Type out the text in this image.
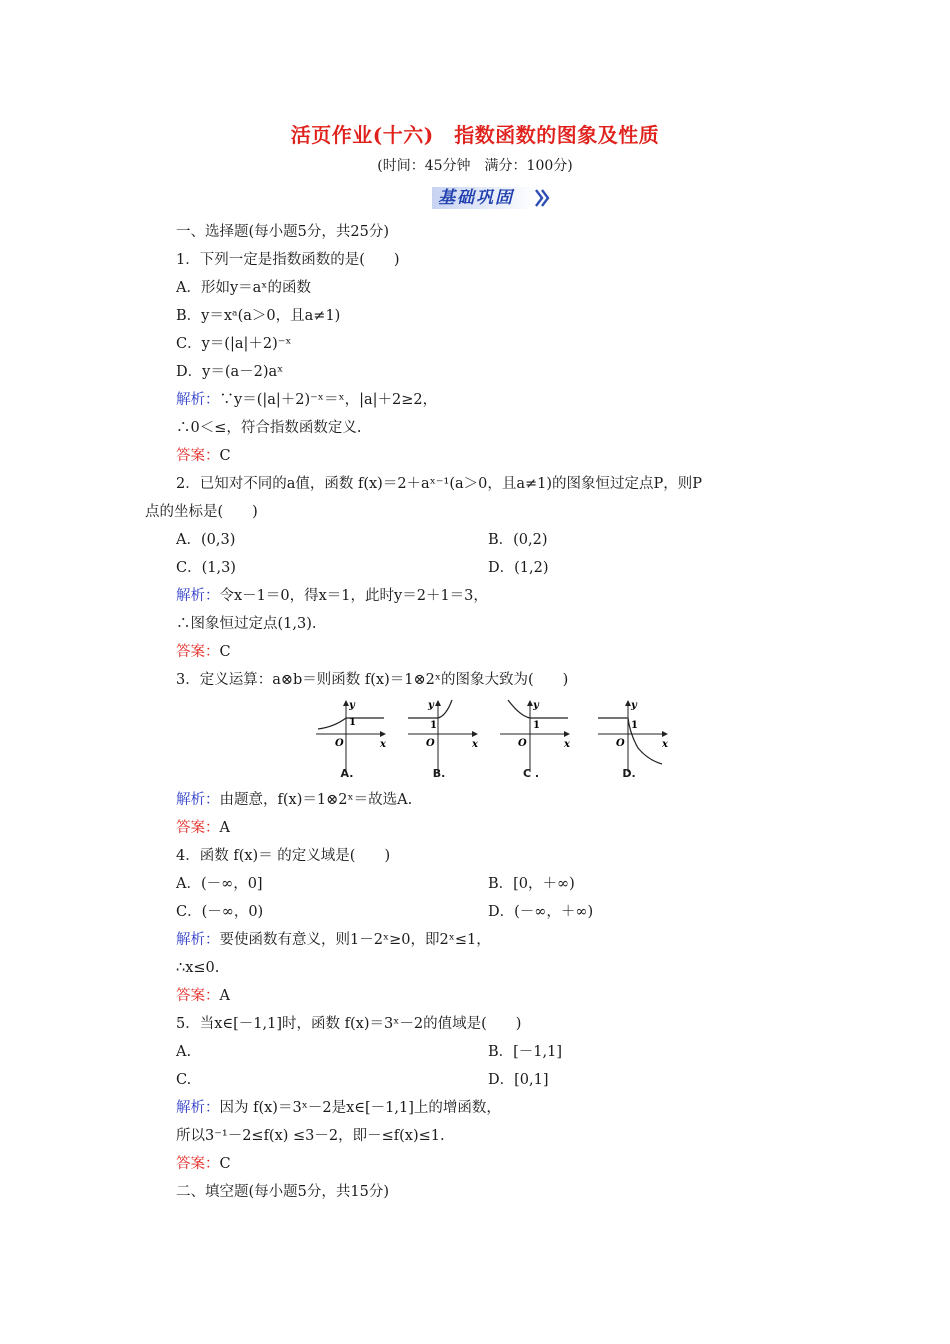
活页作业(十六)　指数函数的图象及性质
(时间：45分钟　满分：100分)
基础巩固
一、选择题(每小题5分，共25分)
1．下列一定是指数函数的是(　　)
A．形如y＝aˣ的函数
B．y＝xᵃ(a＞0，且a≠1)
C．y＝(|a|＋2)⁻ˣ
D．y＝(a－2)aˣ
解析：∵y＝(|a|＋2)⁻ˣ＝ˣ，|a|＋2≥2，
∴0＜≤，符合指数函数定义.
答案：C
2．已知对不同的a值，函数 f(x)＝2＋aˣ⁻¹(a＞0，且a≠1)的图象恒过定点P，则P
点的坐标是(　　)
A．(0,3)	B．(0,2)
C．(1,3)	D．(1,2)
解析：令x－1＝0，得x＝1，此时y＝2＋1＝3，
∴图象恒过定点(1,3).
答案：C
3．定义运算：a⊗b＝则函数 f(x)＝1⊗2ˣ的图象大致为(　　)
y
1
O	x
A.
y
1
O	x
B.
y
1
O	x
C .
y
1
O	x
D.
解析：由题意，f(x)＝1⊗2ˣ＝故选A.
答案：A
4．函数 f(x)＝ 的定义域是(　　)
A．(－∞，0]	B．[0，＋∞)
C．(－∞，0)	D．(－∞，＋∞)
解析：要使函数有意义，则1－2ˣ≥0，即2ˣ≤1，
∴x≤0.
答案：A
5．当x∈[－1,1]时，函数 f(x)＝3ˣ－2的值域是(　　)
A.	B．[－1,1]
C.	D．[0,1]
解析：因为 f(x)＝3ˣ－2是x∈[－1,1]上的增函数，
所以3⁻¹－2≤f(x) ≤3－2，即－≤f(x)≤1.
答案：C
二、填空题(每小题5分，共15分)
